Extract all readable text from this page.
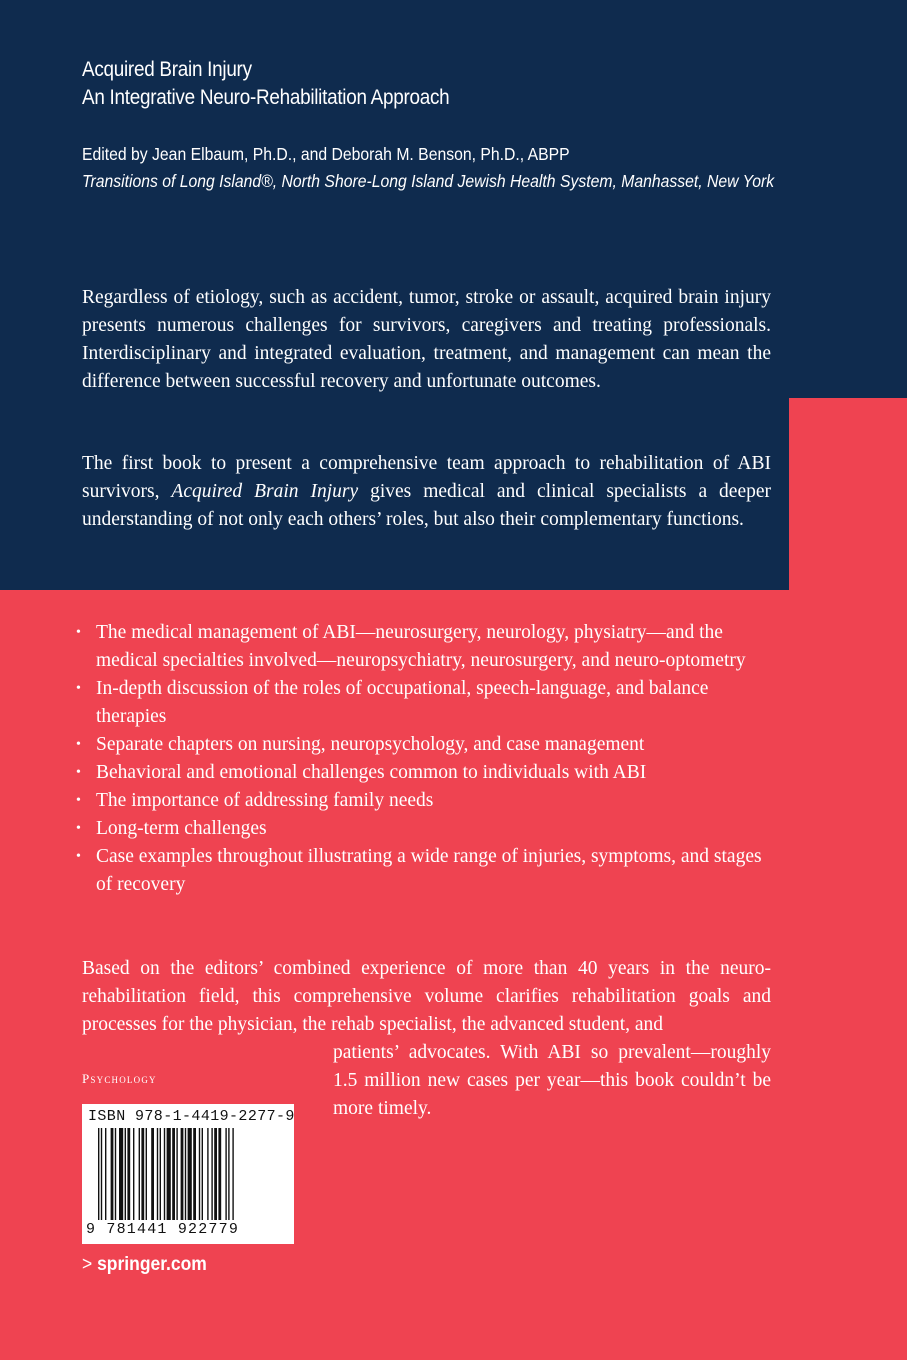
Acquired Brain Injury
An Integrative Neuro-Rehabilitation Approach
Edited by Jean Elbaum, Ph.D., and Deborah M. Benson, Ph.D., ABPP
Transitions of Long Island®, North Shore-Long Island Jewish Health System, Manhasset, New York
Regardless of etiology, such as accident, tumor, stroke or assault, acquired brain injury presents numerous challenges for survivors, caregivers and treating professionals. Interdisciplinary and integrated evaluation, treatment, and management can mean the difference between successful recovery and unfortunate outcomes.
The first book to present a comprehensive team approach to rehabilitation of ABI survivors, Acquired Brain Injury gives medical and clinical specialists a deeper understanding of not only each others’ roles, but also their complementary functions.
• The medical management of ABI—neurosurgery, neurology, physiatry—and the medical specialties involved—neuropsychiatry, neurosurgery, and neuro-optometry
• In-depth discussion of the roles of occupational, speech-language, and balance therapies
• Separate chapters on nursing, neuropsychology, and case management
• Behavioral and emotional challenges common to individuals with ABI
• The importance of addressing family needs
• Long-term challenges
• Case examples throughout illustrating a wide range of injuries, symptoms, and stages of recovery
Based on the editors’ combined experience of more than 40 years in the neuro-rehabilitation field, this comprehensive volume clarifies rehabilitation goals and processes for the physician, the rehab specialist, the advanced student, and
patients’ advocates. With ABI so prevalent—roughly 1.5 million new cases per year—this book couldn’t be more timely.
Psychology
ISBN 978-1-4419-2277-9
9 781441 922779
> springer.com
